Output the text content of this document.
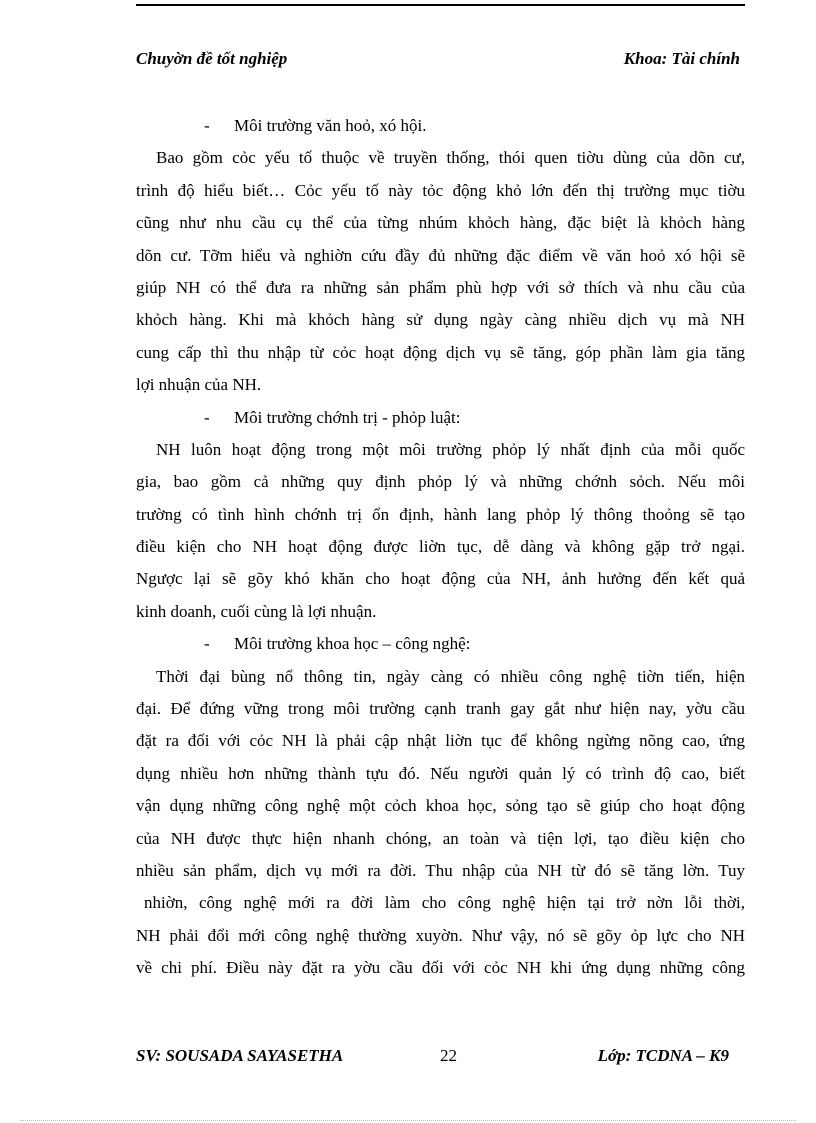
Chuyờn đề tốt nghiệp	Khoa: Tài chính
- Môi trường văn hoỏ, xó hội.
Bao gồm cỏc yếu tố thuộc về truyền thống, thói quen tiờu dùng của dõn cư,
trình độ hiểu biết… Cỏc yếu tố này tỏc động khỏ lớn đến thị trường mục tiờu
cũng như nhu cầu cụ thể của từng nhúm khỏch hàng, đặc biệt là khỏch hàng
dõn cư. Tỡm hiểu và nghiờn cứu đầy đủ những đặc điểm về văn hoỏ xó hội sẽ
giúp NH có thể đưa ra những sản phẩm phù hợp với sở thích và nhu cầu của
khỏch hàng. Khi mà khỏch hàng sử dụng ngày càng nhiều dịch vụ mà NH
cung cấp thì thu nhập từ cỏc hoạt động dịch vụ sẽ tăng, góp phần làm gia tăng
lợi nhuận của NH.
- Môi trường chớnh trị - phỏp luật:
NH luôn hoạt động trong một môi trường phỏp lý nhất định của mỗi quốc
gia, bao gồm cả những quy định phỏp lý và những chớnh sỏch. Nếu môi
trường có tình hình chớnh trị ổn định, hành lang phỏp lý thông thoỏng sẽ tạo
điều kiện cho NH hoạt động được liờn tục, dễ dàng và không gặp trở ngại.
Ngược lại sẽ gõy khó khăn cho hoạt động của NH, ảnh hưởng đến kết quả
kinh doanh, cuối cùng là lợi nhuận.
- Môi trường khoa học – công nghệ:
Thời đại bùng nổ thông tin, ngày càng có nhiều công nghệ tiờn tiến, hiện
đại. Để đứng vững trong môi trường cạnh tranh gay gắt như hiện nay, yờu cầu
đặt ra đối với cỏc NH là phải cập nhật liờn tục để không ngừng nõng cao, ứng
dụng nhiều hơn những thành tựu đó. Nếu người quản lý có trình độ cao, biết
vận dụng những công nghệ một cỏch khoa học, sỏng tạo sẽ giúp cho hoạt động
của NH được thực hiện nhanh chóng, an toàn và tiện lợi, tạo điều kiện cho
nhiều sản phẩm, dịch vụ mới ra đời. Thu nhập của NH từ đó sẽ tăng lờn. Tuy
nhiờn, công nghệ mới ra đời làm cho công nghệ hiện tại trở nờn lỗi thời,
NH phải đổi mới công nghệ thường xuyờn. Như vậy, nó sẽ gõy ỏp lực cho NH
về chi phí. Điều này đặt ra yờu cầu đối với cỏc NH khi ứng dụng những công
SV: SOUSADA SAYASETHA	22	Lớp: TCDNA – K9
